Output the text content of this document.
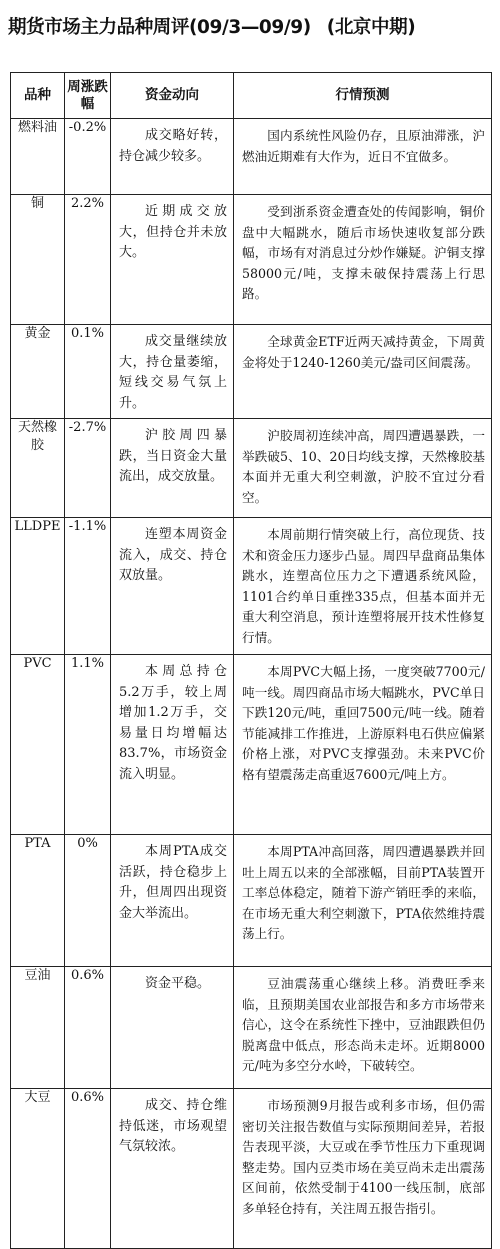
期货市场主力品种周评(09/3—09/9) (北京中期)
品种	周涨跌幅	资金动向	行情预测
燃料油	-0.2%	成交略好转，持仓减少较多。	国内系统性风险仍存，且原油滞涨，沪燃油近期难有大作为，近日不宜做多。
铜	2.2%	近期成交放大，但持仓并未放大。	受到浙系资金遭查处的传闻影响，铜价盘中大幅跳水，随后市场快速收复部分跌幅，市场有对消息过分炒作嫌疑。沪铜支撑58000元/吨，支撑未破保持震荡上行思路。
黄金	0.1%	成交量继续放大，持仓量萎缩，短线交易气氛上升。	全球黄金ETF近两天减持黄金，下周黄金将处于1240-1260美元/盎司区间震荡。
天然橡胶	-2.7%	沪胶周四暴跌，当日资金大量流出，成交放量。	沪胶周初连续冲高，周四遭遇暴跌，一举跌破5、10、20日均线支撑，天然橡胶基本面并无重大利空刺激，沪胶不宜过分看空。
LLDPE	-1.1%	连塑本周资金流入，成交、持仓双放量。	本周前期行情突破上行，高位现货、技术和资金压力逐步凸显。周四早盘商品集体跳水，连塑高位压力之下遭遇系统风险，1101合约单日重挫335点，但基本面并无重大利空消息，预计连塑将展开技术性修复行情。
PVC	1.1%	本周总持仓5.2万手，较上周增加1.2万手，交易量日均增幅达83.7%，市场资金流入明显。	本周PVC大幅上扬，一度突破7700元/吨一线。周四商品市场大幅跳水，PVC单日下跌120元/吨，重回7500元/吨一线。随着节能减排工作推进，上游原料电石供应偏紧价格上涨，对PVC支撑强劲。未来PVC价格有望震荡走高重返7600元/吨上方。
PTA	0%	本周PTA成交活跃，持仓稳步上升，但周四出现资金大举流出。	本周PTA冲高回落，周四遭遇暴跌并回吐上周五以来的全部涨幅，目前PTA装置开工率总体稳定，随着下游产销旺季的来临，在市场无重大利空刺激下，PTA依然维持震荡上行。
豆油	0.6%	资金平稳。	豆油震荡重心继续上移。消费旺季来临，且预期美国农业部报告和多方市场带来信心，这令在系统性下挫中，豆油跟跌但仍脱离盘中低点，形态尚未走坏。近期8000元/吨为多空分水岭，下破转空。
大豆	0.6%	成交、持仓维持低迷，市场观望气氛较浓。	市场预测9月报告或利多市场，但仍需密切关注报告数值与实际预期间差异，若报告表现平淡，大豆或在季节性压力下重现调整走势。国内豆类市场在美豆尚未走出震荡区间前，依然受制于4100一线压制，底部多单轻仓持有，关注周五报告指引。
